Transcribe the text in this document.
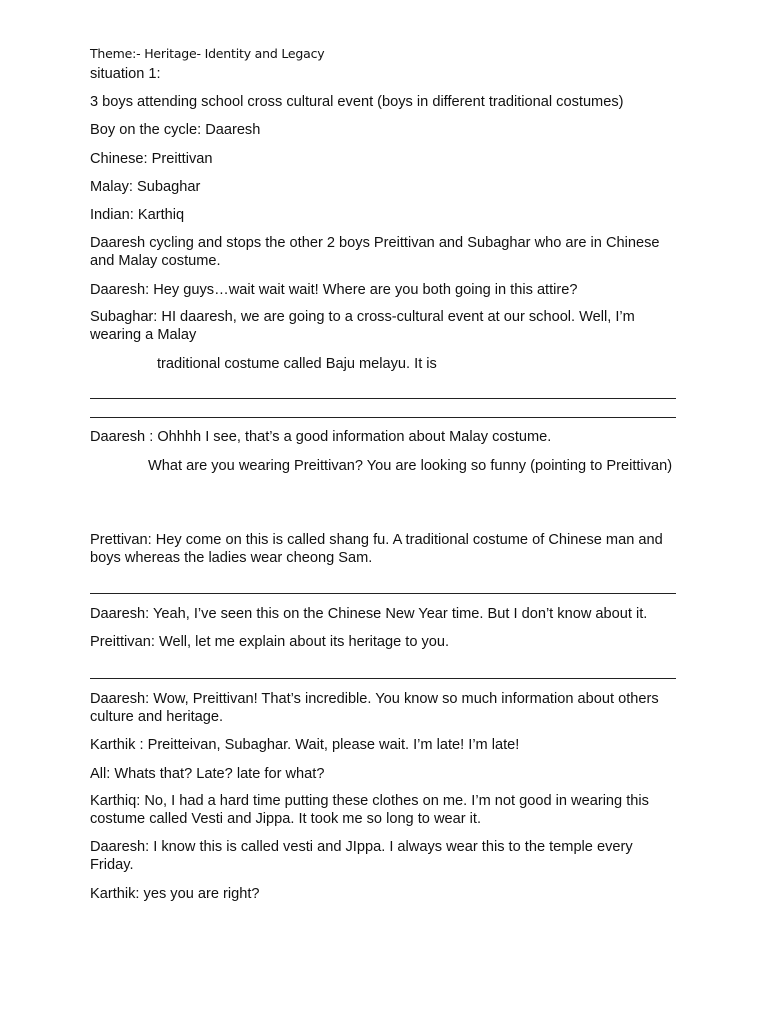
Theme:- Heritage- Identity and Legacy
situation 1:
3 boys attending school cross cultural event (boys in different traditional costumes)
Boy on the cycle: Daaresh
Chinese: Preittivan
Malay: Subaghar
Indian: Karthiq
Daaresh cycling and stops the other 2 boys Preittivan and Subaghar who are in Chinese and Malay costume.
Daaresh: Hey guys…wait wait wait! Where are you both going in this attire?
Subaghar: HI daaresh, we are going to a cross-cultural event at our school. Well, I’m wearing a Malay
traditional costume called Baju melayu. It is
Daaresh : Ohhhh I see, that’s a good information about Malay costume.
What are you wearing Preittivan? You are looking so funny (pointing to Preittivan)
Prettivan: Hey come on this is called shang fu. A traditional costume of Chinese man and boys whereas the ladies wear cheong Sam.
Daaresh: Yeah, I’ve seen this on the Chinese New Year time. But I don’t know about it.
Preittivan: Well, let me explain about its heritage to you.
Daaresh: Wow, Preittivan! That’s incredible. You know so much information about others culture and heritage.
Karthik : Preitteivan, Subaghar. Wait, please wait. I’m late! I’m late!
All: Whats that? Late? late for what?
Karthiq: No, I had a hard time putting these clothes on me. I’m not good in wearing this costume called Vesti and Jippa. It took me so long to wear it.
Daaresh: I know this is called vesti and JIppa. I always wear this to the temple every Friday.
Karthik: yes you are right?
